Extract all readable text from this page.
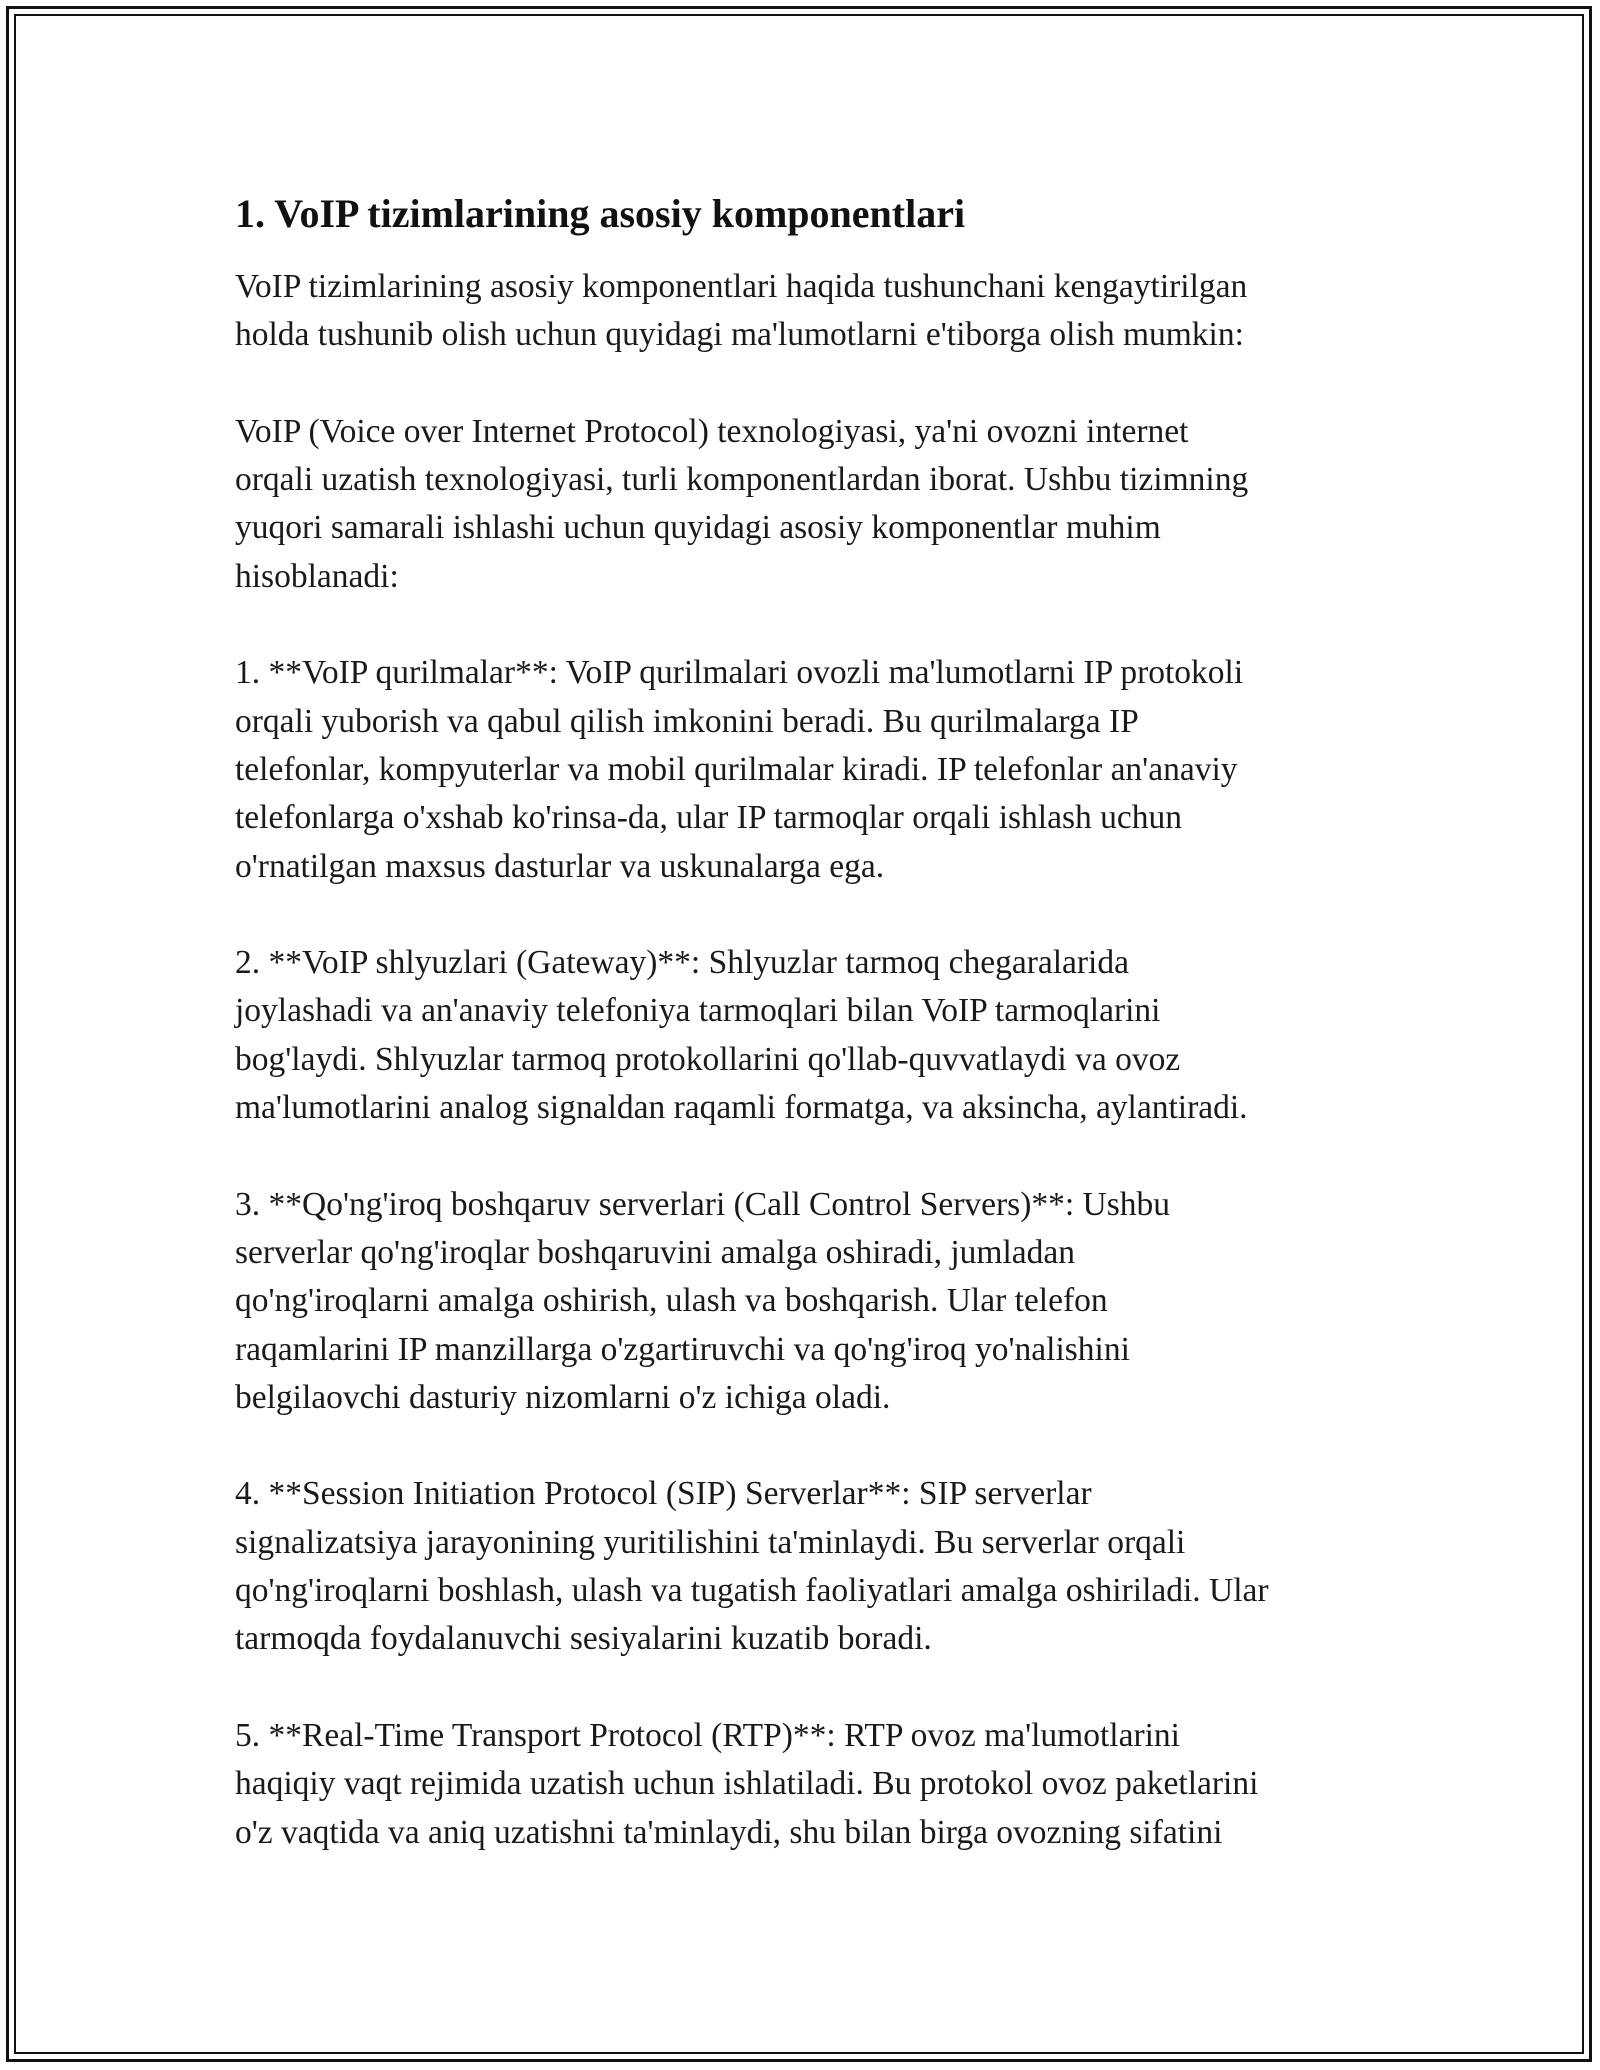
1. VoIP tizimlarining asosiy komponentlari
VoIP tizimlarining asosiy komponentlari haqida tushunchani kengaytirilgan
holda tushunib olish uchun quyidagi ma'lumotlarni e'tiborga olish mumkin:
VoIP (Voice over Internet Protocol) texnologiyasi, ya'ni ovozni internet
orqali uzatish texnologiyasi, turli komponentlardan iborat. Ushbu tizimning
yuqori samarali ishlashi uchun quyidagi asosiy komponentlar muhim
hisoblanadi:
1. **VoIP qurilmalar**: VoIP qurilmalari ovozli ma'lumotlarni IP protokoli
orqali yuborish va qabul qilish imkonini beradi. Bu qurilmalarga IP
telefonlar, kompyuterlar va mobil qurilmalar kiradi. IP telefonlar an'anaviy
telefonlarga o'xshab ko'rinsa-da, ular IP tarmoqlar orqali ishlash uchun
o'rnatilgan maxsus dasturlar va uskunalarga ega.
2. **VoIP shlyuzlari (Gateway)**: Shlyuzlar tarmoq chegaralarida
joylashadi va an'anaviy telefoniya tarmoqlari bilan VoIP tarmoqlarini
bog'laydi. Shlyuzlar tarmoq protokollarini qo'llab-quvvatlaydi va ovoz
ma'lumotlarini analog signaldan raqamli formatga, va aksincha, aylantiradi.
3. **Qo'ng'iroq boshqaruv serverlari (Call Control Servers)**: Ushbu
serverlar qo'ng'iroqlar boshqaruvini amalga oshiradi, jumladan
qo'ng'iroqlarni amalga oshirish, ulash va boshqarish. Ular telefon
raqamlarini IP manzillarga o'zgartiruvchi va qo'ng'iroq yo'nalishini
belgilaovchi dasturiy nizomlarni o'z ichiga oladi.
4. **Session Initiation Protocol (SIP) Serverlar**: SIP serverlar
signalizatsiya jarayonining yuritilishini ta'minlaydi. Bu serverlar orqali
qo'ng'iroqlarni boshlash, ulash va tugatish faoliyatlari amalga oshiriladi. Ular
tarmoqda foydalanuvchi sesiyalarini kuzatib boradi.
5. **Real-Time Transport Protocol (RTP)**: RTP ovoz ma'lumotlarini
haqiqiy vaqt rejimida uzatish uchun ishlatiladi. Bu protokol ovoz paketlarini
o'z vaqtida va aniq uzatishni ta'minlaydi, shu bilan birga ovozning sifatini
